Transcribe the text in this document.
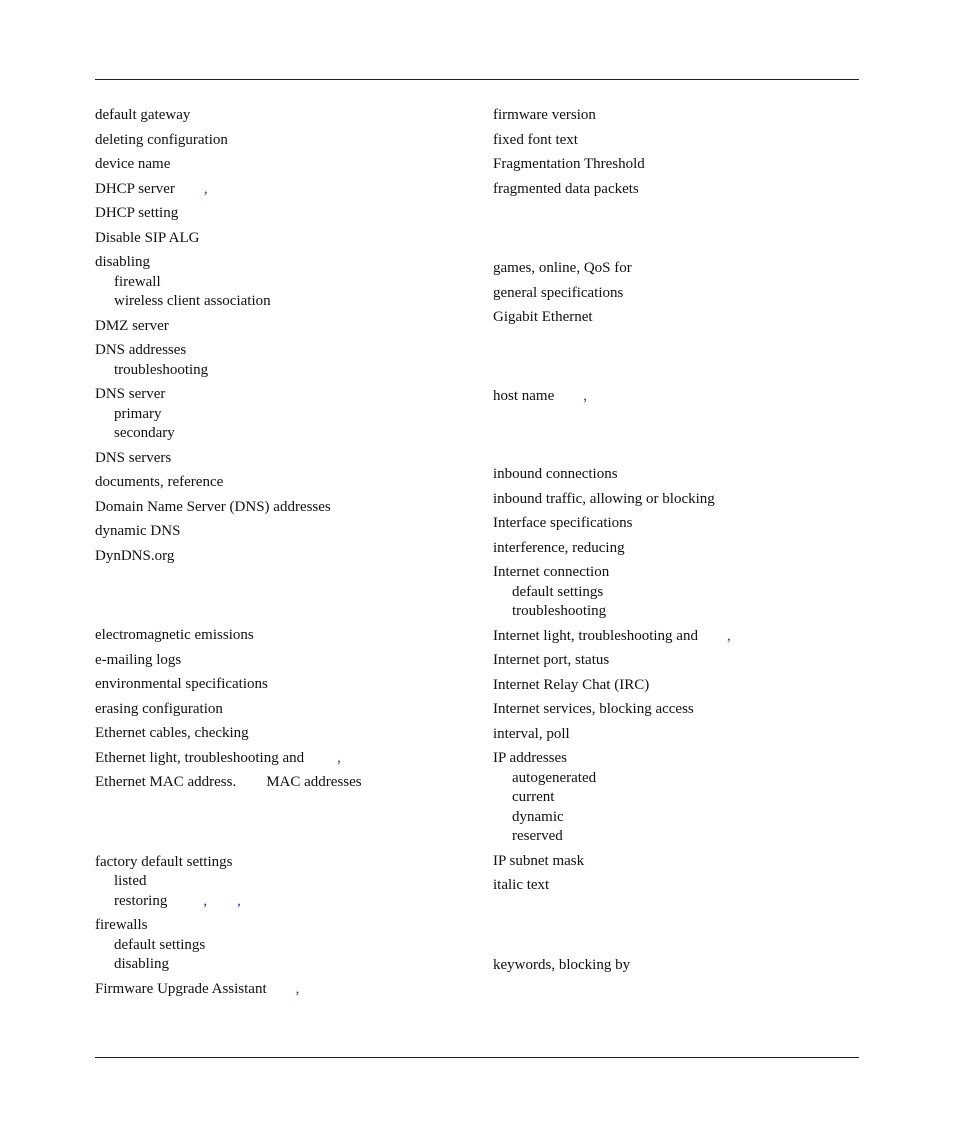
default gateway
deleting configuration
device name
DHCP server ,
DHCP setting
Disable SIP ALG
disabling
firewall
wireless client association
DMZ server
DNS addresses
troubleshooting
DNS server
primary
secondary
DNS servers
documents, reference
Domain Name Server (DNS) addresses
dynamic DNS
DynDNS.org
electromagnetic emissions
e-mailing logs
environmental specifications
erasing configuration
Ethernet cables, checking
Ethernet light, troubleshooting and ,
Ethernet MAC address. MAC addresses
factory default settings
listed
restoring ,        ,
firewalls
default settings
disabling
Firmware Upgrade Assistant ,
firmware version
fixed font text
Fragmentation Threshold
fragmented data packets
games, online, QoS for
general specifications
Gigabit Ethernet
host name ,
inbound connections
inbound traffic, allowing or blocking
Interface specifications
interference, reducing
Internet connection
default settings
troubleshooting
Internet light, troubleshooting and ,
Internet port, status
Internet Relay Chat (IRC)
Internet services, blocking access
interval, poll
IP addresses
autogenerated
current
dynamic
reserved
IP subnet mask
italic text
keywords, blocking by
